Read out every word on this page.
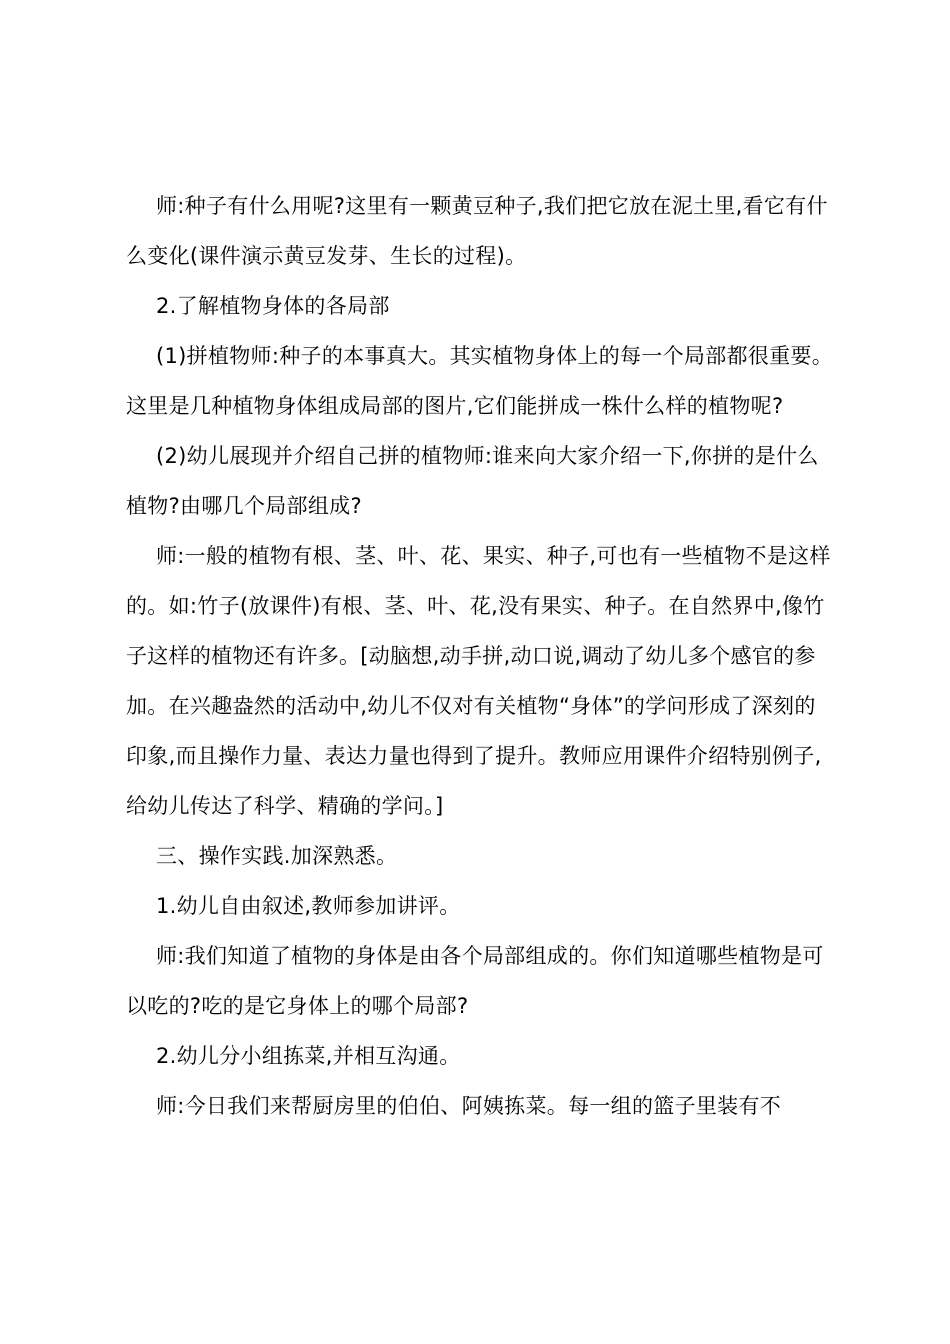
师:种子有什么用呢?这里有一颗黄豆种子,我们把它放在泥土里,看它有什么变化(课件演示黄豆发芽、生长的过程)。

2.了解植物身体的各局部

(1)拼植物师:种子的本事真大。其实植物身体上的每一个局部都很重要。这里是几种植物身体组成局部的图片,它们能拼成一株什么样的植物呢?

(2)幼儿展现并介绍自己拼的植物师:谁来向大家介绍一下,你拼的是什么植物?由哪几个局部组成?

师:一般的植物有根、茎、叶、花、果实、种子,可也有一些植物不是这样的。如:竹子(放课件)有根、茎、叶、花,没有果实、种子。在自然界中,像竹子这样的植物还有许多。[动脑想,动手拼,动口说,调动了幼儿多个感官的参加。在兴趣盎然的活动中,幼儿不仅对有关植物“身体”的学问形成了深刻的印象,而且操作力量、表达力量也得到了提升。教师应用课件介绍特别例子,给幼儿传达了科学、精确的学问。]

三、操作实践.加深熟悉。

1.幼儿自由叙述,教师参加讲评。

师:我们知道了植物的身体是由各个局部组成的。你们知道哪些植物是可以吃的?吃的是它身体上的哪个局部?

2.幼儿分小组拣菜,并相互沟通。

师:今日我们来帮厨房里的伯伯、阿姨拣菜。每一组的篮子里装有不
